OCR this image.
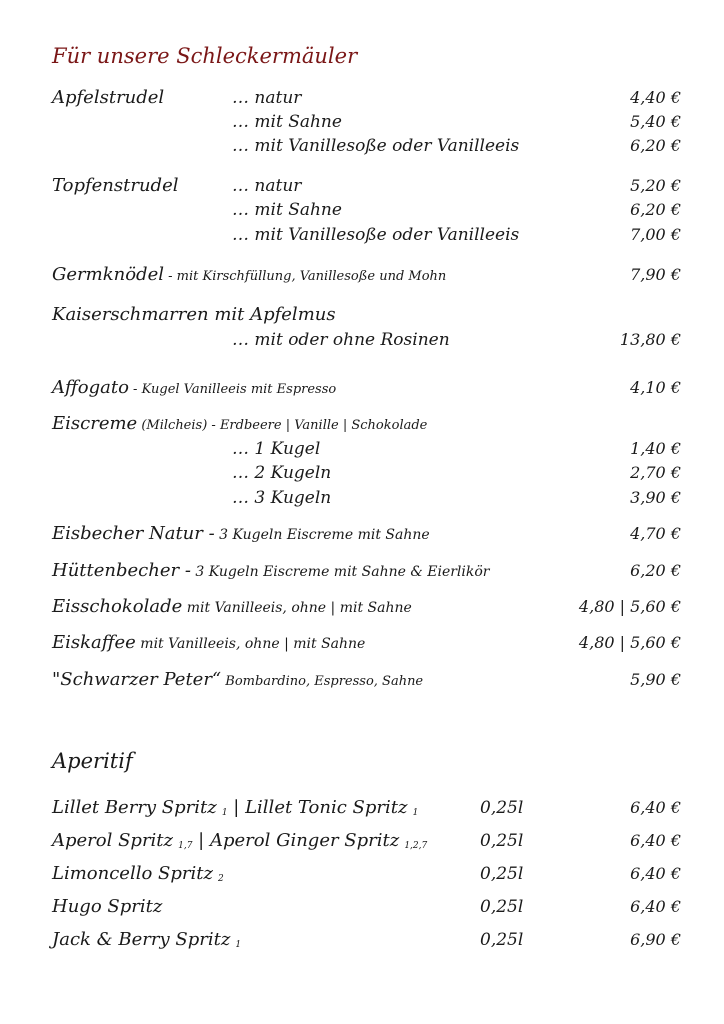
Für unsere Schleckermäuler
Apfelstrudel	… natur	4,40 €
… mit Sahne	5,40 €
… mit Vanillesoße oder Vanilleeis	6,20 €
Topfenstrudel	… natur	5,20 €
… mit Sahne	6,20 €
… mit Vanillesoße oder Vanilleeis	7,00 €
Germknödel - mit Kirschfüllung, Vanillesoße und Mohn	7,90 €
Kaiserschmarren mit Apfelmus
… mit oder ohne Rosinen	13,80 €
Affogato - Kugel Vanilleeis mit Espresso	4,10 €
Eiscreme (Milcheis) - Erdbeere | Vanille | Schokolade
… 1 Kugel	1,40 €
… 2 Kugeln	2,70 €
… 3 Kugeln	3,90 €
Eisbecher Natur - 3 Kugeln Eiscreme mit Sahne	4,70 €
Hüttenbecher - 3 Kugeln Eiscreme mit Sahne & Eierlikör	6,20 €
Eisschokolade mit Vanilleeis, ohne | mit Sahne	4,80 | 5,60 €
Eiskaffee mit Vanilleeis, ohne | mit Sahne	4,80 | 5,60 €
"Schwarzer Peter“ Bombardino, Espresso, Sahne	5,90 €
Aperitif
Lillet Berry Spritz 1 | Lillet Tonic Spritz 1	0,25l	6,40 €
Aperol Spritz 1,7 | Aperol Ginger Spritz 1,2,7	0,25l	6,40 €
Limoncello Spritz 2	0,25l	6,40 €
Hugo Spritz	0,25l	6,40 €
Jack & Berry Spritz 1	0,25l	6,90 €
